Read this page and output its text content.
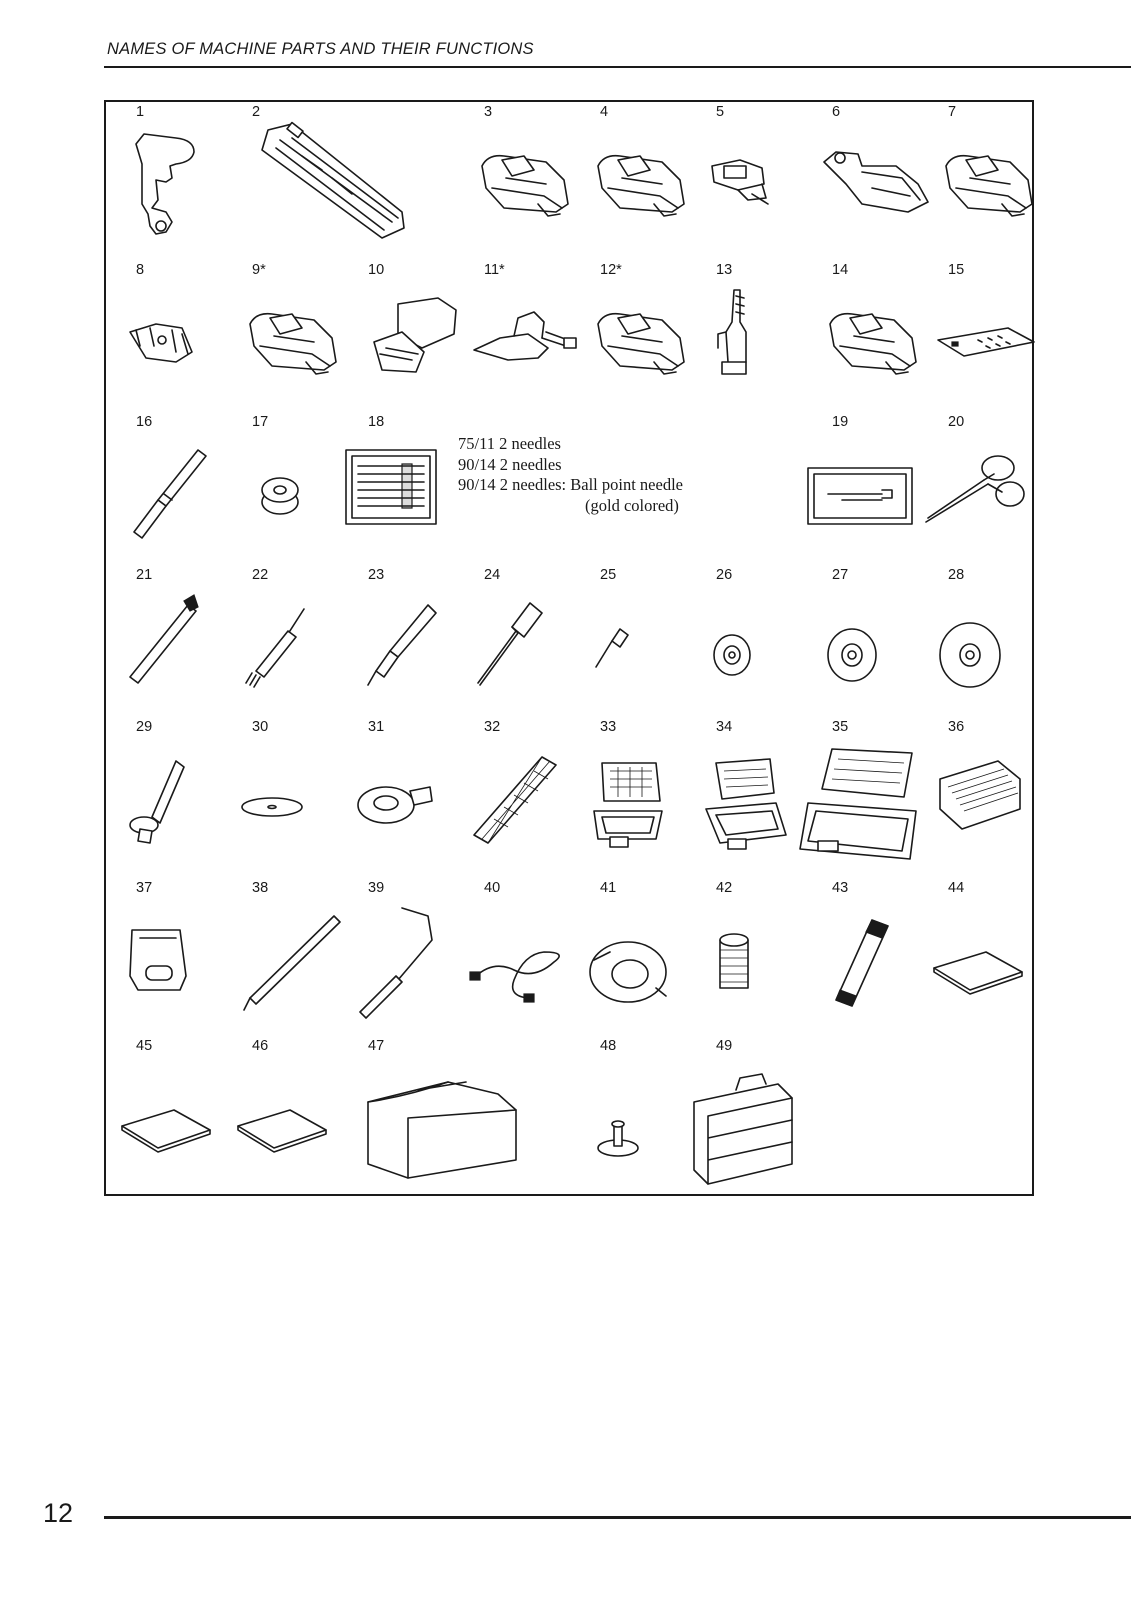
NAMES OF MACHINE PARTS AND THEIR FUNCTIONS
1	2	3	4	5	6	7
8	9*	10	11*	12*	13	14	15
16	17	18	19	20
21	22	23	24	25	26	27	28
29	30	31	32	33	34	35	36
37	38	39	40	41	42	43	44
45	46	47	48	49
75/11 2 needles
90/14 2 needles
90/14 2 needles: Ball point needle
(gold colored)
12
